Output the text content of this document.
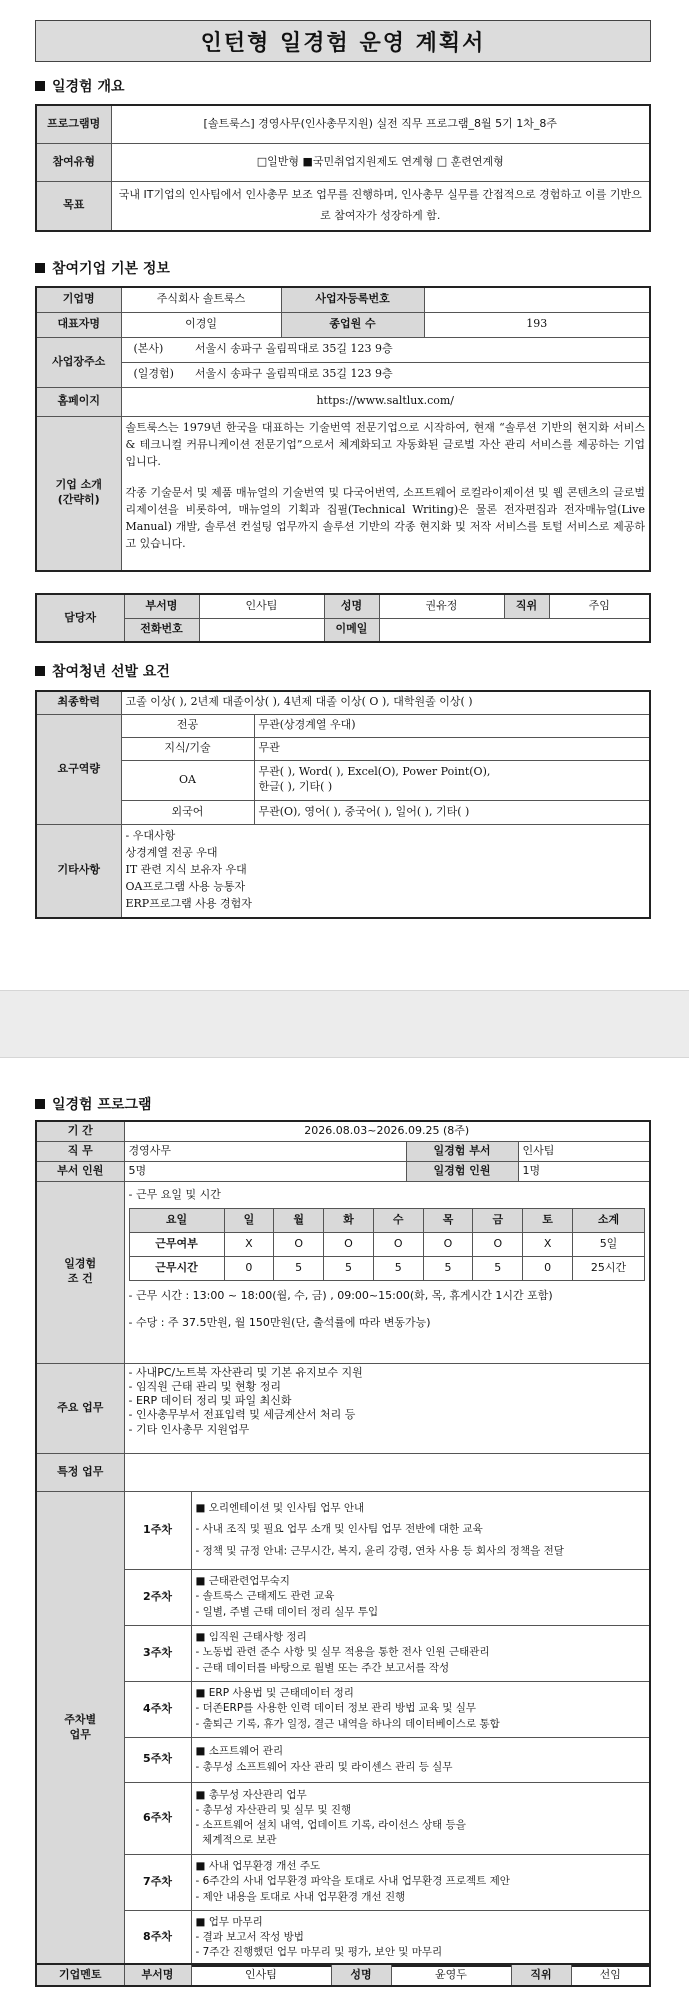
인턴형 일경험 운영 계획서
일경험 개요
프로그램명	[솔트룩스] 경영사무(인사총무지원) 실전 직무 프로그램_8월 5기 1차_8주
참여유형	□일반형 ■국민취업지원제도 연계형 □ 훈련연계형
목표	국내 IT기업의 인사팀에서 인사총무 보조 업무를 진행하며, 인사총무 실무를 간접적으로 경험하고 이를 기반으로 참여자가 성장하게 함.
참여기업 기본 정보
기업명	주식회사 솔트룩스	사업자등록번호	
대표자명	이경일	종업원 수	193
사업장주소	(본사)	서울시 송파구 올림픽대로 35길 123 9층	
	(일경험)	서울시 송파구 올림픽대로 35길 123 9층	
홈페이지	https://www.saltlux.com/		

기업 소개
(간략히)	솔트룩스는 1979년 한국을 대표하는 기술번역 전문기업으로 시작하여, 현재 “솔루션 기반의 현지화 서비스 & 테크니컬 커뮤니케이션 전문기업”으로서 체계화되고 자동화된 글로벌 자산 관리 서비스를 제공하는 기업입니다.
각종 기술문서 및 제품 매뉴얼의 기술번역 및 다국어번역, 소프트웨어 로컬라이제이션 및 웹 콘텐츠의 글로벌리제이션을 비롯하여, 매뉴얼의 기획과 집필(Technical Writing)은 물론 전자편집과 전자매뉴얼(Live Manual) 개발, 솔루션 컨설팅 업무까지 솔루션 기반의 각종 현지화 및 저작 서비스를 토털 서비스로 제공하고 있습니다.		
담당자	부서명	인사팀	성명	권유정	직위	주임
	전화번호		이메일			
참여청년 선발 요건
최종학력	고졸 이상( ), 2년제 대졸이상( ), 4년제 대졸 이상( O ), 대학원졸 이상( )	
요구역량	전공	무관(상경계열 우대)
	지식/기술	무관
	OA	무관( ), Word( ), Excel(O), Power Point(O),
한글( ), 기타( )

	외국어	무관(O), 영어( ), 중국어( ), 일어( ), 기타( )
기타사항	- 우대사항
상경계열 전공 우대
IT 관련 지식 보유자 우대
OA프로그램 사용 능통자
ERP프로그램 사용 경험자	
일경험 프로그램
기 간	2026.08.03~2026.09.25 (8주)
직 무	경영사무	일경험 부서	인사팀
부서 인원	5명	일경험 인원	1명

일경험
조 건

- 근무 요일 및 시간
요일	일	월	화	수	목	금	토	소계
근무여부	X	O	O	O	O	O	X	5일
근무시간	0	5	5	5	5	5	0	25시간
- 근무 시간 : 13:00 ~ 18:00(월, 수, 금) , 09:00~15:00(화, 목, 휴게시간 1시간 포함)
- 수당 : 주 37.5만원, 월 150만원(단, 출석률에 따라 변동가능)

주요 업무	
- 사내PC/노트북 자산관리 및 기본 유지보수 지원
- 임직원 근태 관리 및 현황 정리
- ERP 데이터 정리 및 파일 최신화
- 인사총무부서 전표입력 및 세금계산서 처리 등
- 기타 인사총무 지원업무

특정 업무	

주차별
업무
	1주차	
■ 오리엔테이션 및 인사팀 업무 안내
- 사내 조직 및 필요 업무 소개 및 인사팀 업무 전반에 대한 교육
- 정책 및 규정 안내: 근무시간, 복지, 윤리 강령, 연차 사용 등 회사의 정책을 전달

2주차	
■ 근태관련업무숙지
- 솔트룩스 근태제도 관련 교육
- 일별, 주별 근태 데이터 정리 실무 투입

3주차	
■ 임직원 근태사항 정리
- 노동법 관련 준수 사항 및 실무 적용을 통한 전사 인원 근태관리
- 근태 데이터를 바탕으로 월별 또는 주간 보고서를 작성

4주차	
■ ERP 사용법 및 근태데이터 정리
- 더존ERP를 사용한 인력 데이터 정보 관리 방법 교육 및 실무
- 출퇴근 기록, 휴가 일정, 결근 내역을 하나의 데이터베이스로 통합

5주차	
■ 소프트웨어 관리
- 총무성 소프트웨어 자산 관리 및 라이센스 관리 등 실무

6주차	
■ 총무성 자산관리 업무
- 총무성 자산관리 및 실무 및 진행
- 소프트웨어 설치 내역, 업데이트 기록, 라이선스 상태 등을
체계적으로 보관

7주차	
■ 사내 업무환경 개선 주도
- 6주간의 사내 업무환경 파악을 토대로 사내 업무환경 프로젝트 제안
- 제안 내용을 토대로 사내 업무환경 개선 진행

8주차	
■ 업무 마무리
- 결과 보고서 작성 방법
- 7주간 진행했던 업무 마무리 및 평가, 보안 및 마무리
기업멘토	부서명	인사팀	성명	윤영두	직위	선임
